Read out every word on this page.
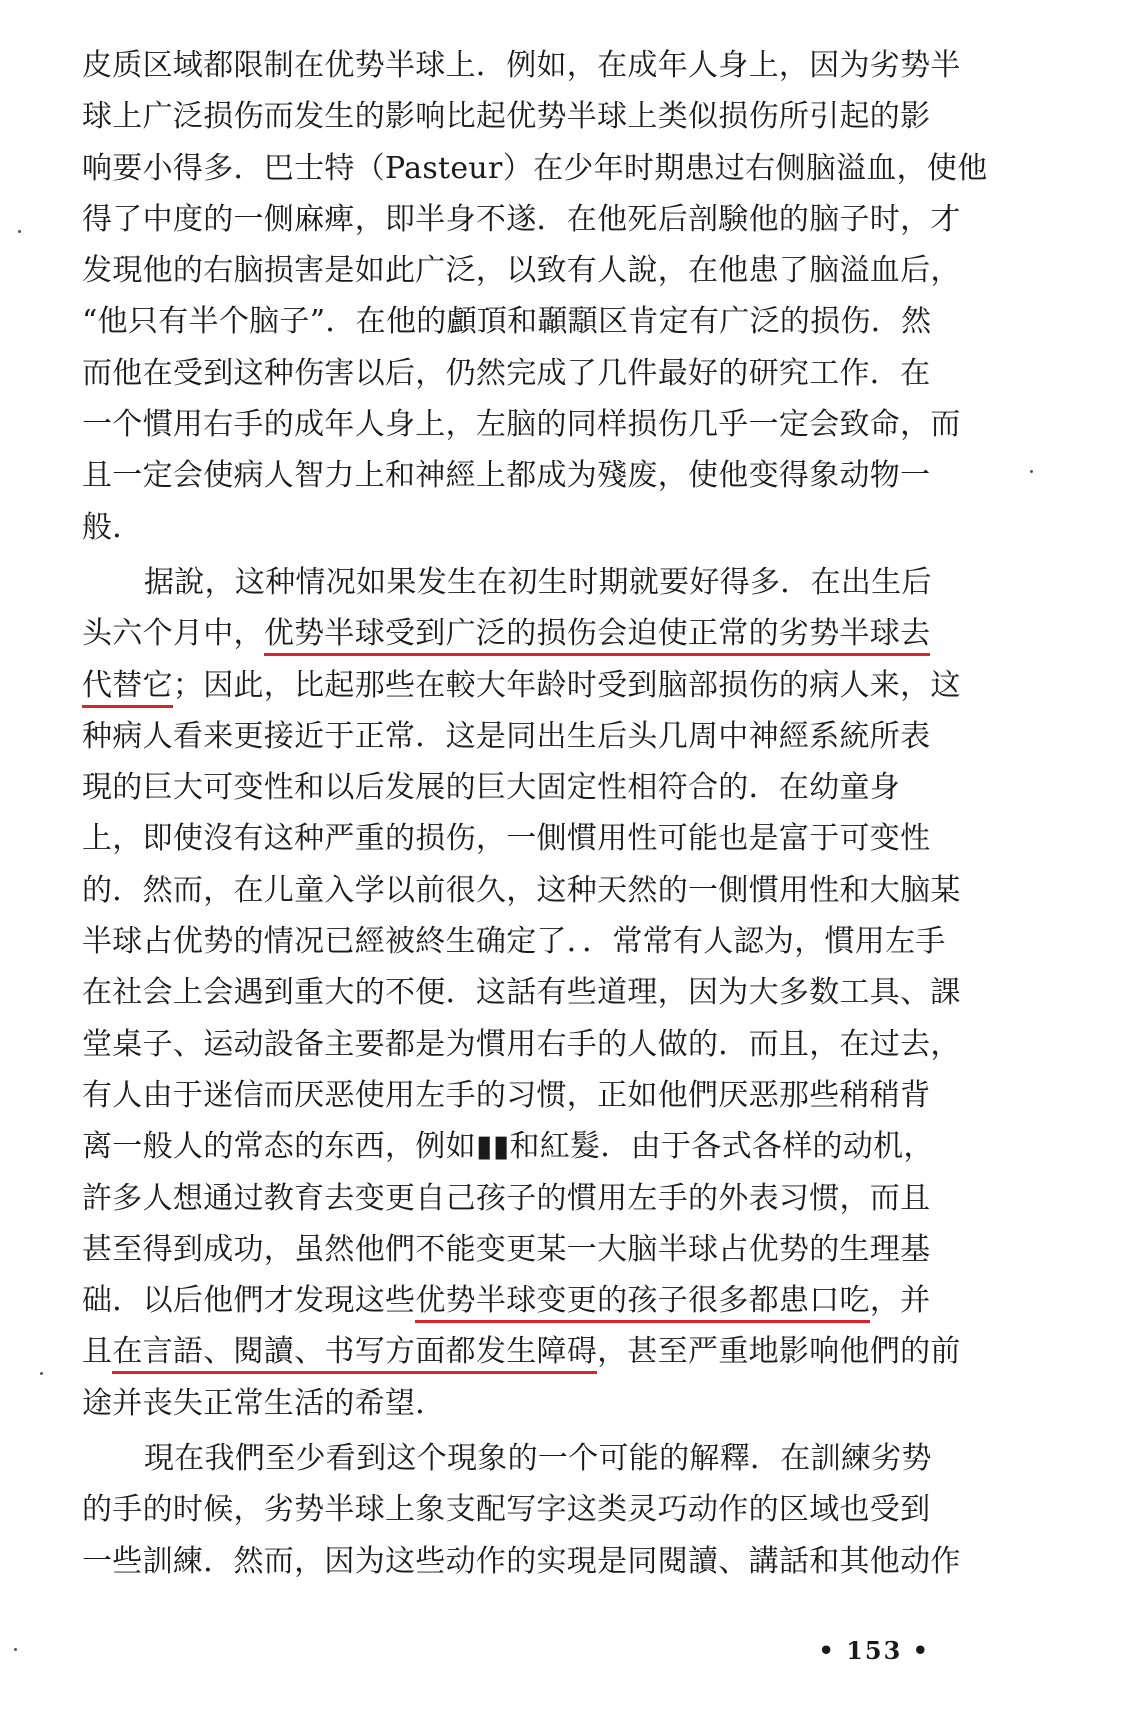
皮质区域都限制在优势半球上．例如，在成年人身上，因为劣势半
球上广泛损伤而发生的影响比起优势半球上类似损伤所引起的影
响要小得多．巴士特（Pasteur）在少年时期患过右侧脑溢血，使他
得了中度的一侧麻痺，即半身不遂．在他死后剖験他的脑子时，才
发現他的右脑损害是如此广泛，以致有人說，在他患了脑溢血后，
“他只有半个脑子”．在他的顱頂和顳顬区肯定有广泛的损伤．然
而他在受到这种伤害以后，仍然完成了几件最好的研究工作．在
一个慣用右手的成年人身上，左脑的同样损伤几乎一定会致命，而
且一定会使病人智力上和神經上都成为殘废，使他变得象动物一
般．
据說，这种情况如果发生在初生时期就要好得多．在出生后
头六个月中，优势半球受到广泛的损伤会迫使正常的劣势半球去
代替它；因此，比起那些在較大年龄时受到脑部损伤的病人来，这
种病人看来更接近于正常．这是同出生后头几周中神經系統所表
現的巨大可变性和以后发展的巨大固定性相符合的．在幼童身
上，即使沒有这种严重的损伤，一側慣用性可能也是富于可变性
的．然而，在儿童入学以前很久，这种天然的一側慣用性和大脑某
半球占优势的情况已經被終生确定了．．常常有人認为，慣用左手
在社会上会遇到重大的不便．这話有些道理，因为大多数工具、課
堂桌子、运动設备主要都是为慣用右手的人做的．而且，在过去，
有人由于迷信而厌恶使用左手的习惯，正如他們厌恶那些稍稍背
离一般人的常态的东西，例如▮▮和紅髮．由于各式各样的动机，
許多人想通过教育去变更自己孩子的慣用左手的外表习惯，而且
甚至得到成功，虽然他們不能变更某一大脑半球占优势的生理基
础．以后他們才发現这些优势半球变更的孩子很多都患口吃，并
且在言語、閱讀、书写方面都发生障碍，甚至严重地影响他們的前
途并丧失正常生活的希望．
現在我們至少看到这个現象的一个可能的解釋．在訓練劣势
的手的时候，劣势半球上象支配写字这类灵巧动作的区域也受到
一些訓練．然而，因为这些动作的实現是同閱讀、講話和其他动作
• 153 •
